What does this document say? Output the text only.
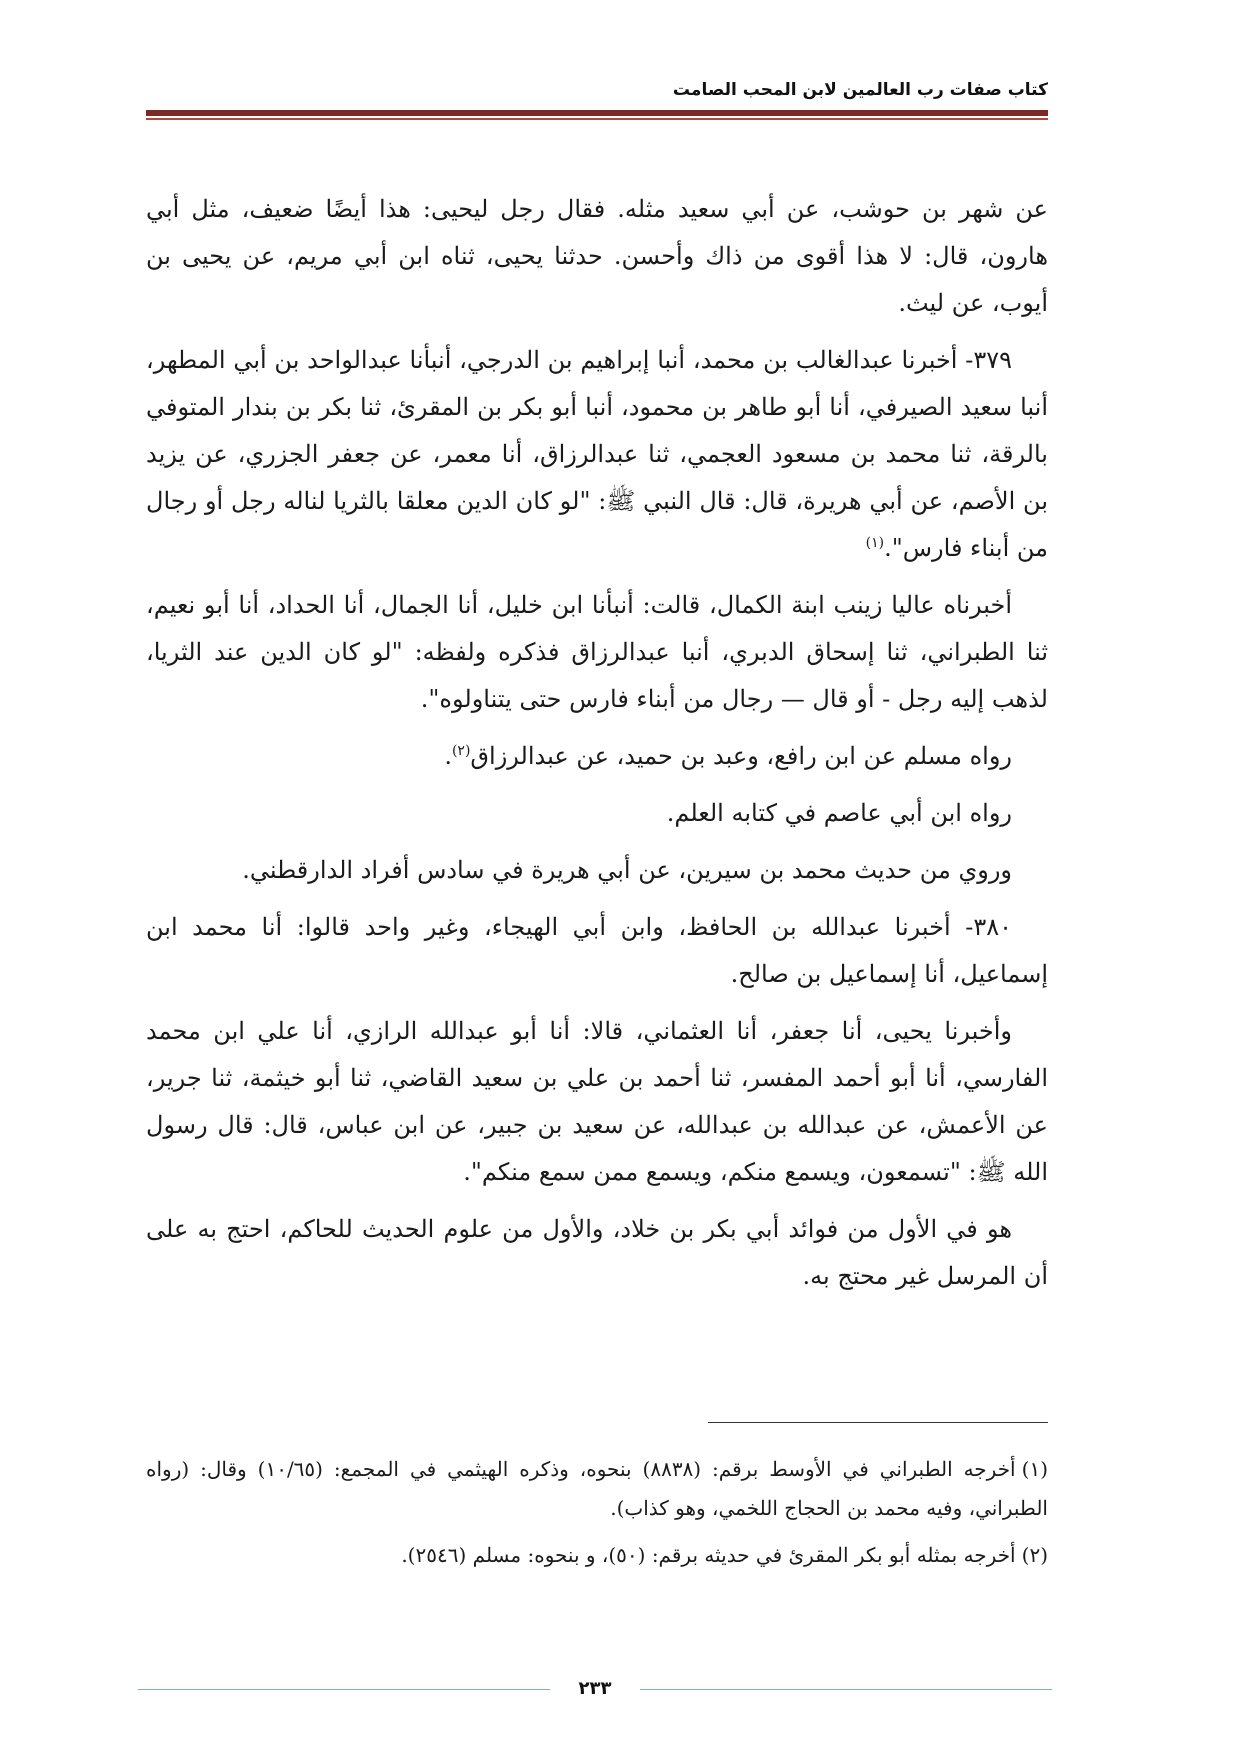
كتاب صفات رب العالمين لابن المحب الصامت

عن شهر بن حوشب، عن أبي سعيد مثله. فقال رجل ليحيى: هذا أيضًا ضعيف، مثل أبي هارون، قال: لا هذا أقوى من ذاك وأحسن. حدثنا يحيى، ثناه ابن أبي مريم، عن يحيى بن أيوب، عن ليث.

٣٧٩- أخبرنا عبدالغالب بن محمد، أنبا إبراهيم بن الدرجي، أنبأنا عبدالواحد بن أبي المطهر، أنبا سعيد الصيرفي، أنا أبو طاهر بن محمود، أنبا أبو بكر بن المقرئ، ثنا بكر بن بندار المتوفي بالرقة، ثنا محمد بن مسعود العجمي، ثنا عبدالرزاق، أنا معمر، عن جعفر الجزري، عن يزيد بن الأصم، عن أبي هريرة، قال: قال النبي ﷺ: "لو كان الدين معلقا بالثريا لناله رجل أو رجال من أبناء فارس".$^{(١)}$

أخبرناه عاليا زينب ابنة الكمال، قالت: أنبأنا ابن خليل، أنا الجمال، أنا الحداد، أنا أبو نعيم، ثنا الطبراني، ثنا إسحاق الدبري، أنبا عبدالرزاق فذكره ولفظه: "لو كان الدين عند الثريا، لذهب إليه رجل - أو قال — رجال من أبناء فارس حتى يتناولوه".

رواه مسلم عن ابن رافع، وعبد بن حميد، عن عبدالرزاق$^{(٢)}$.

رواه ابن أبي عاصم في كتابه العلم.

وروي من حديث محمد بن سيرين، عن أبي هريرة في سادس أفراد الدارقطني.

٣٨٠- أخبرنا عبدالله بن الحافظ، وابن أبي الهيجاء، وغير واحد قالوا: أنا محمد ابن إسماعيل، أنا إسماعيل بن صالح.

وأخبرنا يحيى، أنا جعفر، أنا العثماني، قالا: أنا أبو عبدالله الرازي، أنا علي ابن محمد الفارسي، أنا أبو أحمد المفسر، ثنا أحمد بن علي بن سعيد القاضي، ثنا أبو خيثمة، ثنا جرير، عن الأعمش، عن عبدالله بن عبدالله، عن سعيد بن جبير، عن ابن عباس، قال: قال رسول الله ﷺ: "تسمعون، ويسمع منكم، ويسمع ممن سمع منكم".

هو في الأول من فوائد أبي بكر بن خلاد، والأول من علوم الحديث للحاكم، احتج به على أن المرسل غير محتج به.

(١)أخرجه الطبراني في الأوسط برقم: (٨٨٣٨) بنحوه، وذكره الهيثمي في المجمع: (١٠/٦٥) وقال: (رواه الطبراني، وفيه محمد بن الحجاج اللخمي، وهو كذاب).

(٢)أخرجه بمثله أبو بكر المقرئ في حديثه برقم: (٥٠)، و بنحوه: مسلم (٢٥٤٦).

٢٣٣
